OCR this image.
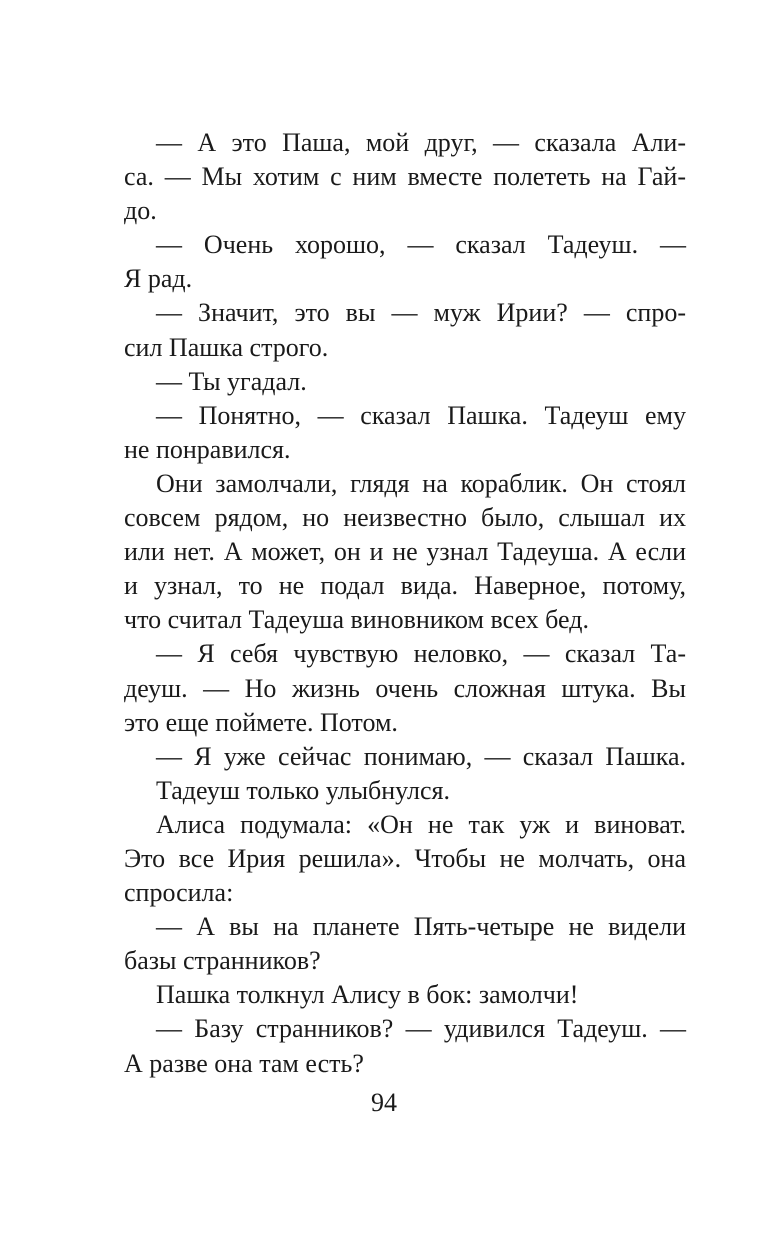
— А это Паша, мой друг, — сказала Али-
са. — Мы хотим с ним вместе полететь на Гай-
до.
— Очень хорошо, — сказал Тадеуш. —
Я рад.
— Значит, это вы — муж Ирии? — спро-
сил Пашка строго.
— Ты угадал.
— Понятно, — сказал Пашка. Тадеуш ему
не понравился.
Они замолчали, глядя на кораблик. Он стоял
совсем рядом, но неизвестно было, слышал их
или нет. А может, он и не узнал Тадеуша. А если
и узнал, то не подал вида. Наверное, потому,
что считал Тадеуша виновником всех бед.
— Я себя чувствую неловко, — сказал Та-
деуш. — Но жизнь очень сложная штука. Вы
это еще поймете. Потом.
— Я уже сейчас понимаю, — сказал Пашка.
Тадеуш только улыбнулся.
Алиса подумала: «Он не так уж и виноват.
Это все Ирия решила». Чтобы не молчать, она
спросила:
— А вы на планете Пять-четыре не видели
базы странников?
Пашка толкнул Алису в бок: замолчи!
— Базу странников? — удивился Тадеуш. —
А разве она там есть?
94
